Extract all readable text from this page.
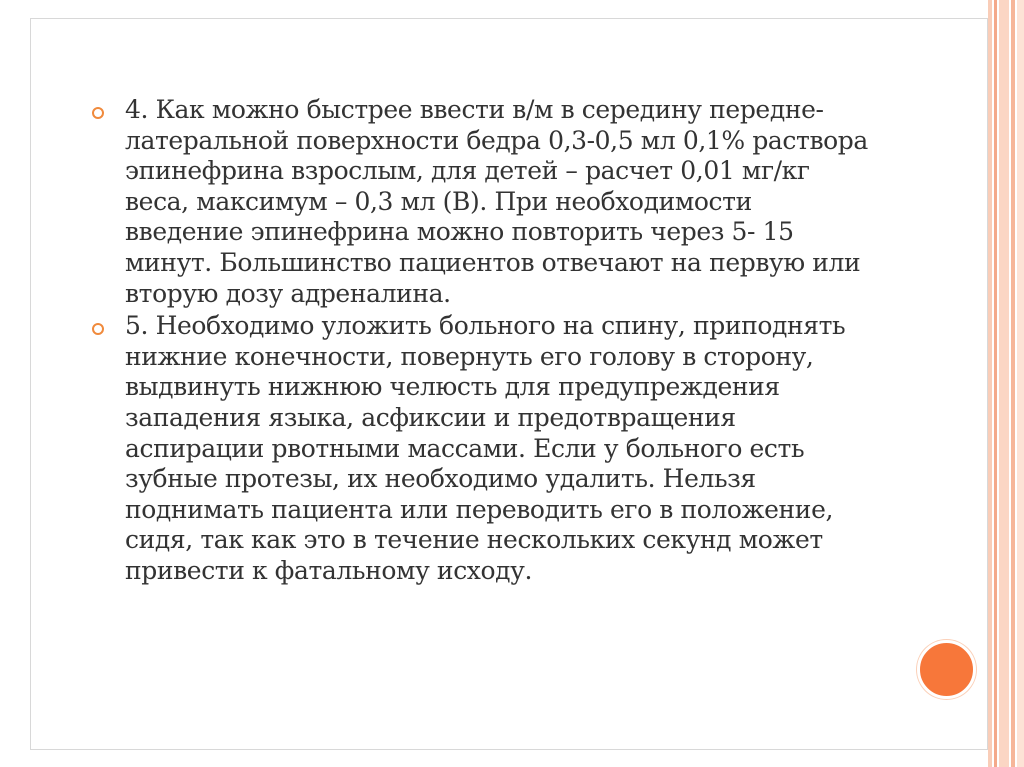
4. Как можно быстрее ввести в/м в середину передне-
латеральной поверхности бедра 0,3-0,5 мл 0,1% раствора
эпинефрина взрослым, для детей – расчет 0,01 мг/кг
веса, максимум – 0,3 мл (В). При необходимости
введение эпинефрина можно повторить через 5- 15
минут. Большинство пациентов отвечают на первую или
вторую дозу адреналина.
5. Необходимо уложить больного на спину, приподнять
нижние конечности, повернуть его голову в сторону,
выдвинуть нижнюю челюсть для предупреждения
западения языка, асфиксии и предотвращения
аспирации рвотными массами. Если у больного есть
зубные протезы, их необходимо удалить. Нельзя
поднимать пациента или переводить его в положение,
сидя, так как это в течение нескольких секунд может
привести к фатальному исходу.
